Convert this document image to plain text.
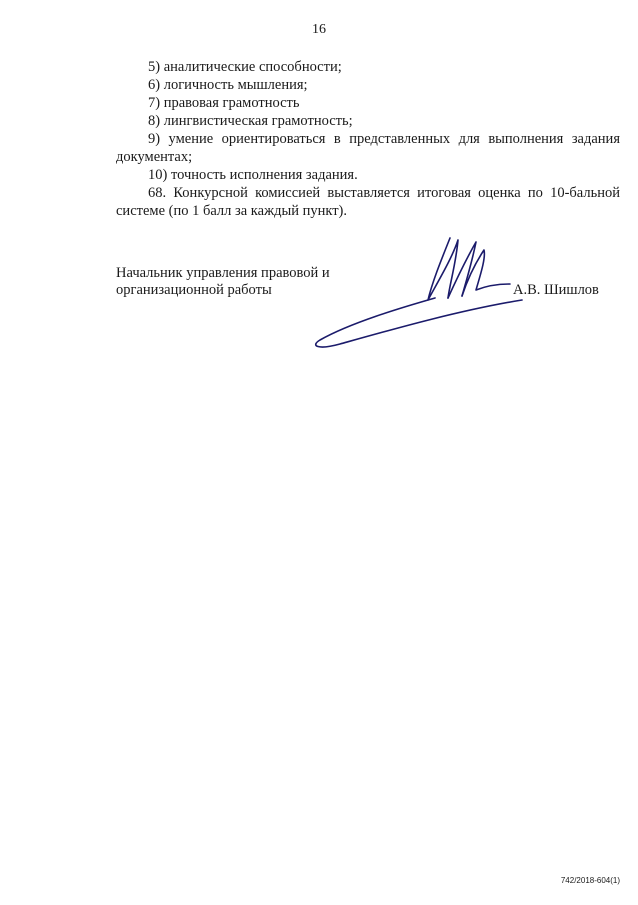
16

5) аналитические способности;

6) логичность мышления;

7) правовая грамотность

8) лингвистическая грамотность;

9) умение ориентироваться в представленных для выполнения задания документах;

10) точность исполнения задания.

68. Конкурсной комиссией выставляется итоговая оценка по 10-бальной системе (по 1 балл за каждый пункт).

Начальник управления правовой и
организационной работы	А.В. Шишлов
742/2018-604(1)
